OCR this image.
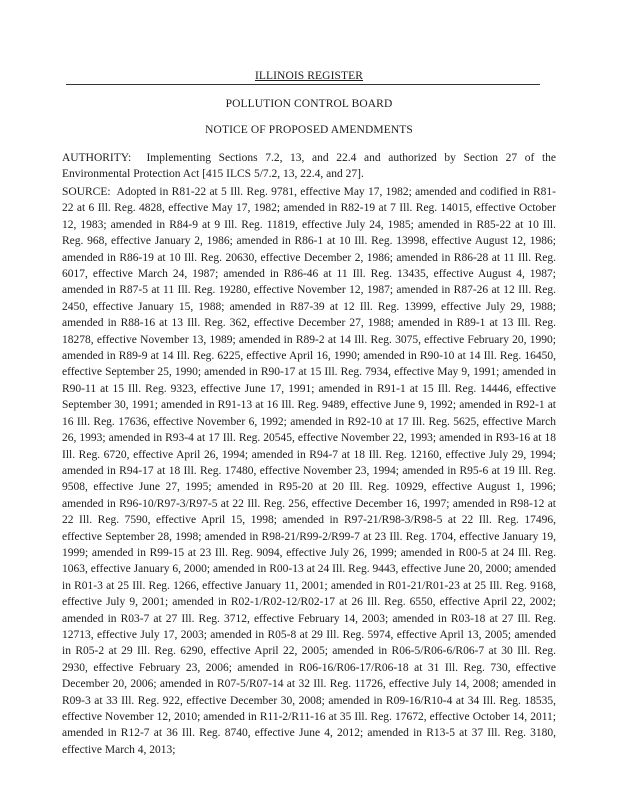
ILLINOIS REGISTER
POLLUTION CONTROL BOARD
NOTICE OF PROPOSED AMENDMENTS
AUTHORITY: Implementing Sections 7.2, 13, and 22.4 and authorized by Section 27 of the Environmental Protection Act [415 ILCS 5/7.2, 13, 22.4, and 27].
SOURCE: Adopted in R81-22 at 5 Ill. Reg. 9781, effective May 17, 1982; amended and codified in R81-22 at 6 Ill. Reg. 4828, effective May 17, 1982; amended in R82-19 at 7 Ill. Reg. 14015, effective October 12, 1983; amended in R84-9 at 9 Ill. Reg. 11819, effective July 24, 1985; amended in R85-22 at 10 Ill. Reg. 968, effective January 2, 1986; amended in R86-1 at 10 Ill. Reg. 13998, effective August 12, 1986; amended in R86-19 at 10 Ill. Reg. 20630, effective December 2, 1986; amended in R86-28 at 11 Ill. Reg. 6017, effective March 24, 1987; amended in R86-46 at 11 Ill. Reg. 13435, effective August 4, 1987; amended in R87-5 at 11 Ill. Reg. 19280, effective November 12, 1987; amended in R87-26 at 12 Ill. Reg. 2450, effective January 15, 1988; amended in R87-39 at 12 Ill. Reg. 13999, effective July 29, 1988; amended in R88-16 at 13 Ill. Reg. 362, effective December 27, 1988; amended in R89-1 at 13 Ill. Reg. 18278, effective November 13, 1989; amended in R89-2 at 14 Ill. Reg. 3075, effective February 20, 1990; amended in R89-9 at 14 Ill. Reg. 6225, effective April 16, 1990; amended in R90-10 at 14 Ill. Reg. 16450, effective September 25, 1990; amended in R90-17 at 15 Ill. Reg. 7934, effective May 9, 1991; amended in R90-11 at 15 Ill. Reg. 9323, effective June 17, 1991; amended in R91-1 at 15 Ill. Reg. 14446, effective September 30, 1991; amended in R91-13 at 16 Ill. Reg. 9489, effective June 9, 1992; amended in R92-1 at 16 Ill. Reg. 17636, effective November 6, 1992; amended in R92-10 at 17 Ill. Reg. 5625, effective March 26, 1993; amended in R93-4 at 17 Ill. Reg. 20545, effective November 22, 1993; amended in R93-16 at 18 Ill. Reg. 6720, effective April 26, 1994; amended in R94-7 at 18 Ill. Reg. 12160, effective July 29, 1994; amended in R94-17 at 18 Ill. Reg. 17480, effective November 23, 1994; amended in R95-6 at 19 Ill. Reg. 9508, effective June 27, 1995; amended in R95-20 at 20 Ill. Reg. 10929, effective August 1, 1996; amended in R96-10/R97-3/R97-5 at 22 Ill. Reg. 256, effective December 16, 1997; amended in R98-12 at 22 Ill. Reg. 7590, effective April 15, 1998; amended in R97-21/R98-3/R98-5 at 22 Ill. Reg. 17496, effective September 28, 1998; amended in R98-21/R99-2/R99-7 at 23 Ill. Reg. 1704, effective January 19, 1999; amended in R99-15 at 23 Ill. Reg. 9094, effective July 26, 1999; amended in R00-5 at 24 Ill. Reg. 1063, effective January 6, 2000; amended in R00-13 at 24 Ill. Reg. 9443, effective June 20, 2000; amended in R01-3 at 25 Ill. Reg. 1266, effective January 11, 2001; amended in R01-21/R01-23 at 25 Ill. Reg. 9168, effective July 9, 2001; amended in R02-1/R02-12/R02-17 at 26 Ill. Reg. 6550, effective April 22, 2002; amended in R03-7 at 27 Ill. Reg. 3712, effective February 14, 2003; amended in R03-18 at 27 Ill. Reg. 12713, effective July 17, 2003; amended in R05-8 at 29 Ill. Reg. 5974, effective April 13, 2005; amended in R05-2 at 29 Ill. Reg. 6290, effective April 22, 2005; amended in R06-5/R06-6/R06-7 at 30 Ill. Reg. 2930, effective February 23, 2006; amended in R06-16/R06-17/R06-18 at 31 Ill. Reg. 730, effective December 20, 2006; amended in R07-5/R07-14 at 32 Ill. Reg. 11726, effective July 14, 2008; amended in R09-3 at 33 Ill. Reg. 922, effective December 30, 2008; amended in R09-16/R10-4 at 34 Ill. Reg. 18535, effective November 12, 2010; amended in R11-2/R11-16 at 35 Ill. Reg. 17672, effective October 14, 2011; amended in R12-7 at 36 Ill. Reg. 8740, effective June 4, 2012; amended in R13-5 at 37 Ill. Reg. 3180, effective March 4, 2013;
